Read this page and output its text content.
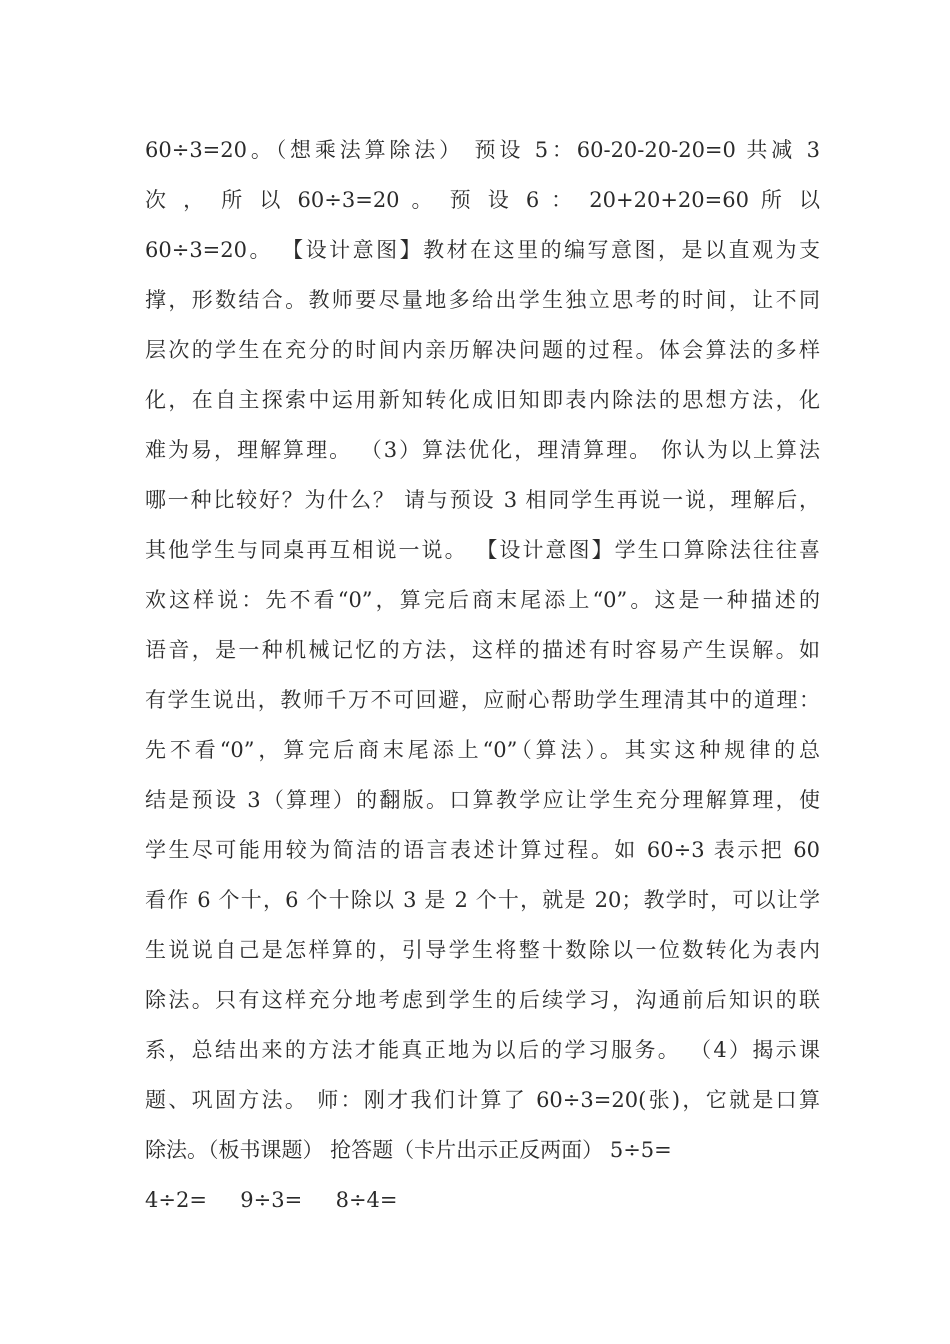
60÷3=20。（想乘法算除法） 预设 5：60-20-20-20=0 共减 3
次 ， 所 以 60÷3=20 。 预 设 6 ： 20+20+20=60 所 以
60÷3=20。 【设计意图】教材在这里的编写意图，是以直观为支
撑，形数结合。教师要尽量地多给出学生独立思考的时间，让不同
层次的学生在充分的时间内亲历解决问题的过程。体会算法的多样
化，在自主探索中运用新知转化成旧知即表内除法的思想方法，化
难为易，理解算理。 （3）算法优化，理清算理。 你认为以上算法
哪一种比较好？为什么？ 请与预设 3 相同学生再说一说，理解后，
其他学生与同桌再互相说一说。 【设计意图】学生口算除法往往喜
欢这样说：先不看“0”，算完后商末尾添上“0”。这是一种描述的
语音，是一种机械记忆的方法，这样的描述有时容易产生误解。如
有学生说出，教师千万不可回避，应耐心帮助学生理清其中的道理：
先不看“0”，算完后商末尾添上“0”（算法）。其实这种规律的总
结是预设 3（算理）的翻版。口算教学应让学生充分理解算理，使
学生尽可能用较为简洁的语言表述计算过程。如 60÷3 表示把 60
看作 6 个十，6 个十除以 3 是 2 个十，就是 20；教学时，可以让学
生说说自己是怎样算的，引导学生将整十数除以一位数转化为表内
除法。只有这样充分地考虑到学生的后续学习，沟通前后知识的联
系，总结出来的方法才能真正地为以后的学习服务。 （4）揭示课
题、巩固方法。 师：刚才我们计算了 60÷3=20(张)，它就是口算
除法。（板书课题） 抢答题（卡片出示正反两面） 5÷5=
4÷2=     9÷3=     8÷4=
